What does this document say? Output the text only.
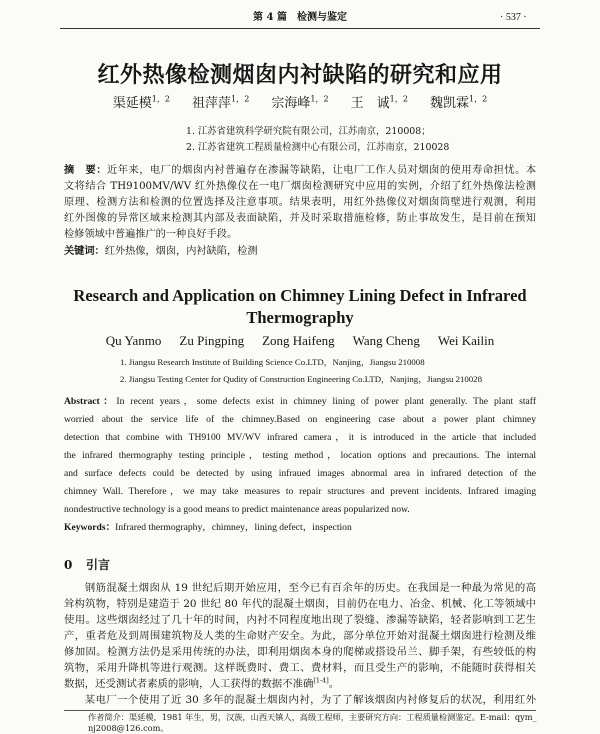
第 4 篇　检测与鉴定	· 537 ·
红外热像检测烟囱内衬缺陷的研究和应用
渠延模$^{1,2}$ 祖萍萍$^{1,2}$ 宗海峰$^{1,2}$ 王　诚$^{1,2}$ 魏凯霖$^{1,2}$
1. 江苏省建筑科学研究院有限公司，江苏南京，210008；
2. 江苏省建筑工程质量检测中心有限公司，江苏南京，210028
摘　要：近年来，电厂的烟囱内衬普遍存在渗漏等缺陷，让电厂工作人员对烟囱的使用寿命担忧。本
文将结合 TH9100MV/WV 红外热像仪在一电厂烟囱检测研究中应用的实例，介绍了红外热像法检测
原理、检测方法和检测的位置选择及注意事项。结果表明，用红外热像仪对烟囱筒壁进行观测，利用
红外图像的异常区域来检测其内部及表面缺陷，并及时采取措施检修，防止事故发生，是目前在预知
检修领域中普遍推广的一种良好手段。
关键词：红外热像，烟囱，内衬缺陷，检测
Research and Application on Chimney Lining Defect in Infrared
Thermography
Qu Yanmo Zu Pingping Zong Haifeng Wang Cheng Wei Kailin
1. Jiangsu Research Institute of Building Science Co.LTD，Nanjing，Jiangsu 210008
2. Jiangsu Testing Center for Qudity of Construction Engineering Co.LTD，Nanjing，Jiangsu 210028
Abstract：In recent years，some defects exist in chimney lining of power plant generally. The plant staff
worried about the service life of the chimney.Based on engineering case about a power plant chimney
detection that combine with TH9100 MV/WV infrared camera，it is introduced in the article that included
the infrared thermography testing principle，testing method，location options and precautions. The internal
and surface defects could be detected by using infraued images abnormal area in infrared detection of the
chimney Wall. Therefore，we may take measures to repair structures and prevent incidents. Infrared imaging
nondestructive technology is a good means to predict maintenance areas popularized now.
Keywords：Infrared thermography，chimney，lining defect，inspection
0 引言
钢筋混凝土烟囱从 19 世纪后期开始应用，至今已有百余年的历史。在我国是一种最为常见的高
耸构筑物，特别是建造于 20 世纪 80 年代的混凝土烟囱，目前仍在电力、冶金、机械、化工等领域中
使用。这些烟囱经过了几十年的时间，内衬不同程度地出现了裂缝、渗漏等缺陷，轻者影响到工艺生
产，重者危及到周围建筑物及人类的生命财产安全。为此，部分单位开始对混凝土烟囱进行检测及维
修加固。检测方法仍是采用传统的办法，即利用烟囱本身的爬梯或搭设吊兰、脚手架，有些较低的构
筑物，采用升降机等进行观测。这样既费时、费工、费材料，而且受生产的影响，不能随时获得相关
数据，还受测试者素质的影响，人工获得的数据不准确[1-4]。
某电厂一个使用了近 30 多年的混凝土烟囱内衬，为了了解该烟囱内衬修复后的状况，利用红外
作者简介：渠延模，1981 年生，男，汉族，山西天镇人，高级工程师，主要研究方向：工程质量检测鉴定。E-mail：qym_
nj2008@126.com。
